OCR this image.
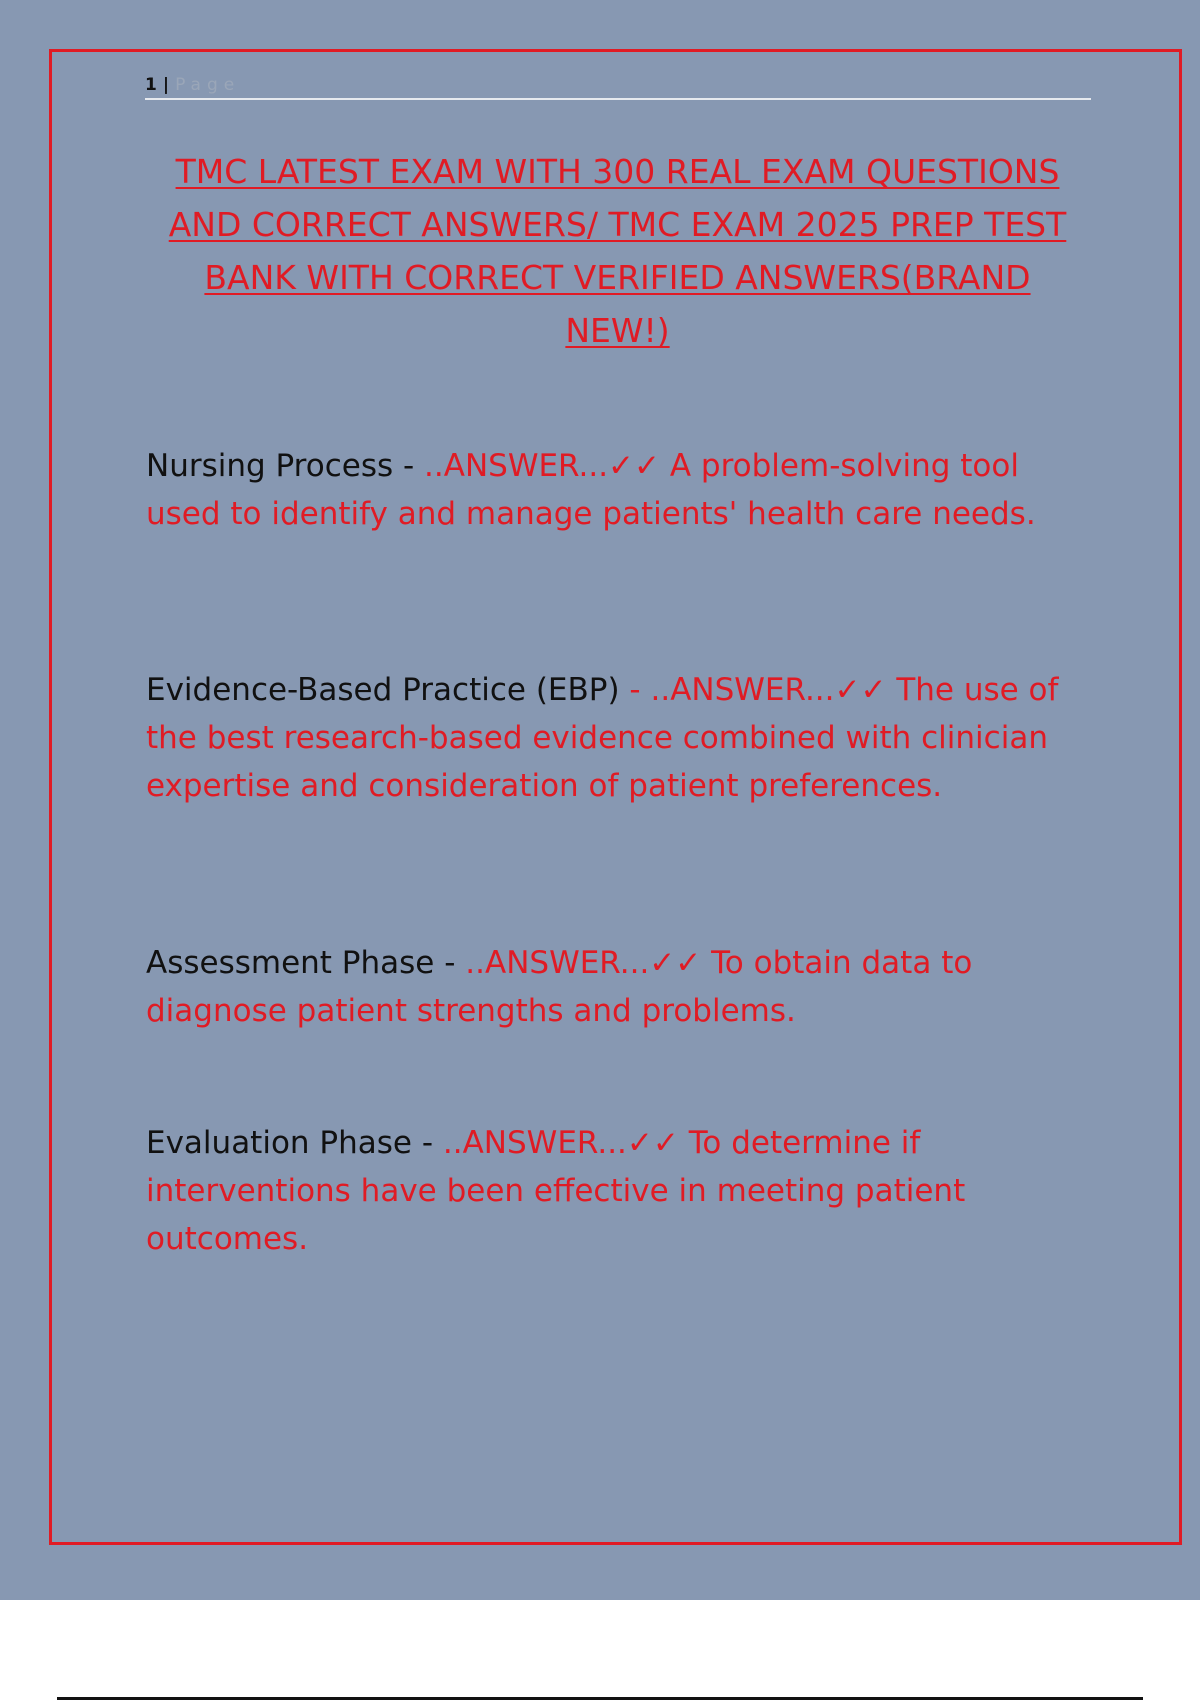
1 | Page
TMC LATEST EXAM WITH 300 REAL EXAM QUESTIONS AND CORRECT ANSWERS/ TMC EXAM 2025 PREP TEST BANK WITH CORRECT VERIFIED ANSWERS(BRAND NEW!)

Nursing Process - ..ANSWER...✓✓ A problem-solving tool used to identify and manage patients' health care needs.

Evidence-Based Practice (EBP) - ..ANSWER...✓✓ The use of the best research-based evidence combined with clinician expertise and consideration of patient preferences.

Assessment Phase - ..ANSWER...✓✓ To obtain data to diagnose patient strengths and problems.

Evaluation Phase - ..ANSWER...✓✓ To determine if interventions have been effective in meeting patient outcomes.
